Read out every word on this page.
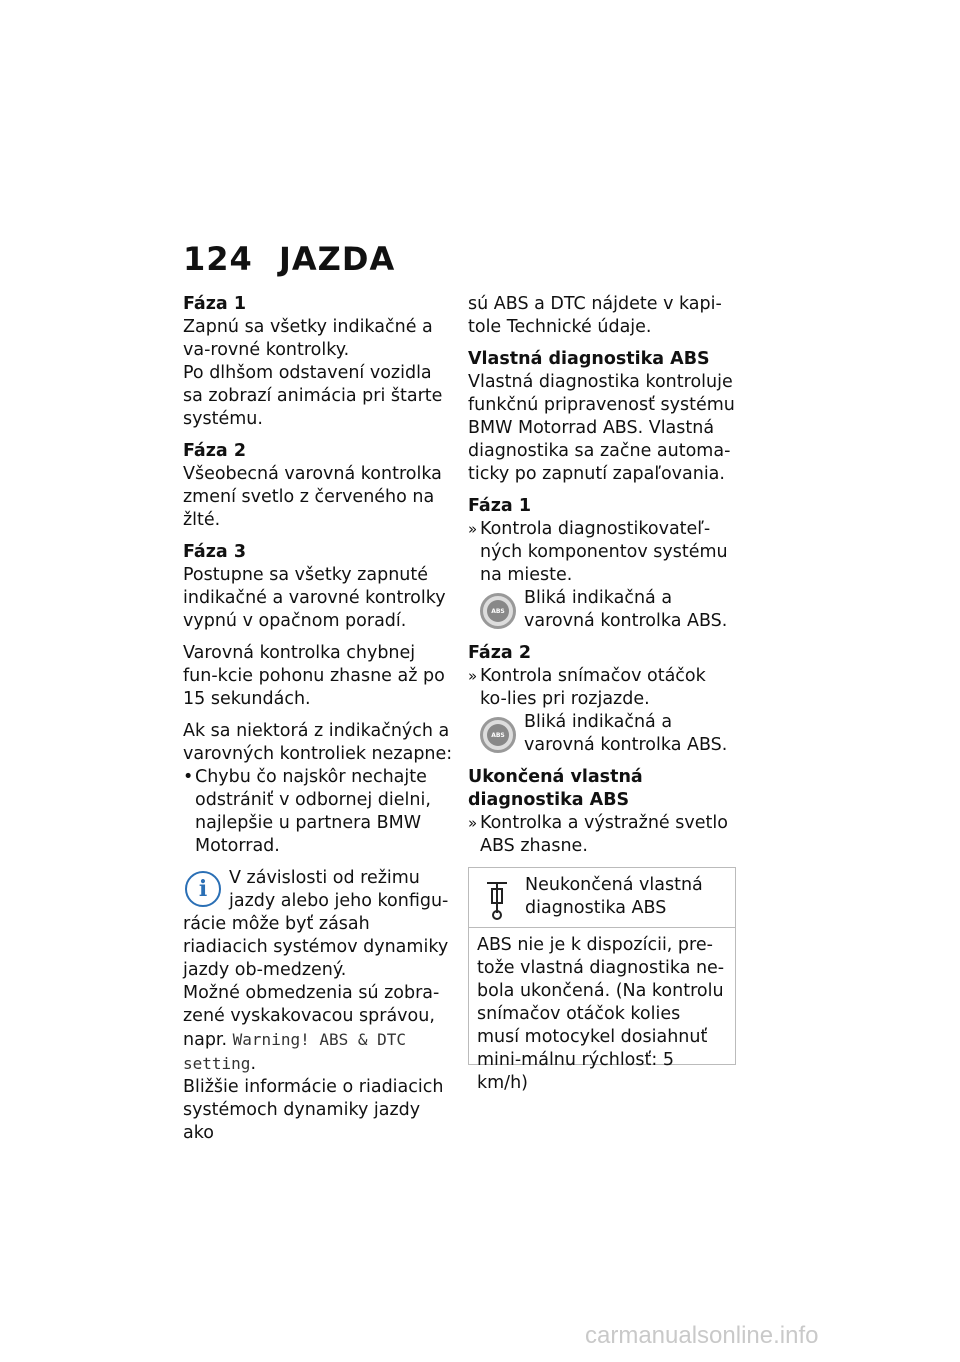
124 JAZDA

Fáza 1

Zapnú sa všetky indikačné a va-rovné kontrolky.

Po dlhšom odstavení vozidla sa zobrazí animácia pri štarte systému.

Fáza 2

Všeobecná varovná kontrolka zmení svetlo z červeného na žlté.

Fáza 3

Postupne sa všetky zapnuté indikačné a varovné kontrolky vypnú v opačnom poradí.

Varovná kontrolka chybnej fun-kcie pohonu zhasne až po 15 sekundách.

Ak sa niektorá z indikačných a varovných kontroliek nezapne:

• Chybu čo najskôr nechajte odstrániť v odbornej dielni, najlepšie u partnera BMW Motorrad.
i	V závislosti od režimu jazdy alebo jeho konfigu-rácie môže byť zásah riadiacich systémov dynamiky jazdy ob-medzený.

Možné obmedzenia sú zobra-zené vyskakovacou správou, napr. Warning! ABS & DTC setting.

Bližšie informácie o riadiacich systémoch dynamiky jazdy ako

sú ABS a DTC nájdete v kapi-tole Technické údaje.

Vlastná diagnostika ABS

Vlastná diagnostika kontroluje funkčnú pripravenosť systému BMW Motorrad ABS. Vlastná diagnostika sa začne automa-ticky po zapnutí zapaľovania.

Fáza 1

» Kontrola diagnostikovateľ-ných komponentov systému na mieste.
ABS
Bliká indikačná a varovná kontrolka ABS.

Fáza 2

» Kontrola snímačov otáčok ko-lies pri rozjazde.
ABS
Bliká indikačná a varovná kontrolka ABS.

Ukončená vlastná diagnostika ABS

» Kontrolka a výstražné svetlo ABS zhasne.
Neukončená vlastná diagnostika ABS
ABS nie je k dispozícii, pre-tože vlastná diagnostika ne-bola ukončená. (Na kontrolu snímačov otáčok kolies musí motocykel dosiahnuť mini-málnu rýchlosť: 5 km/h)
carmanualsonline.info
